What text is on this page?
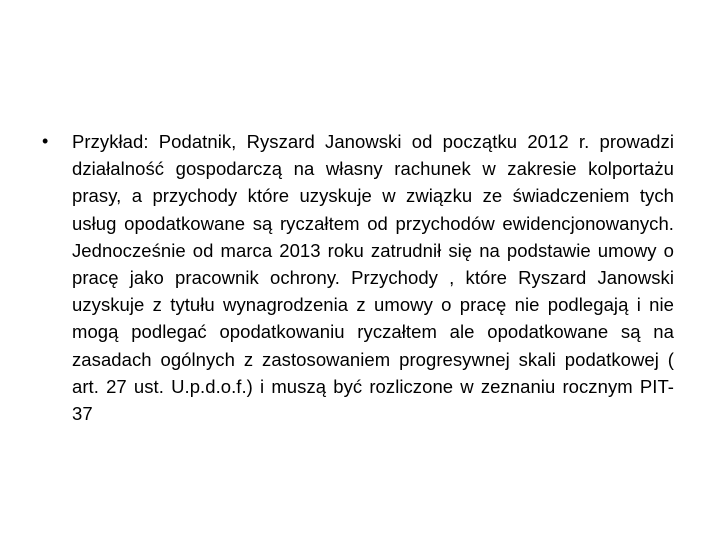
• Przykład: Podatnik, Ryszard Janowski od początku 2012 r. prowadzi działalność gospodarczą na własny rachunek w zakresie kolportażu prasy, a przychody które uzyskuje w związku ze świadczeniem tych usług opodatkowane są ryczałtem od przychodów ewidencjonowanych. Jednocześnie od marca 2013 roku zatrudnił się na podstawie umowy o pracę jako pracownik ochrony. Przychody , które Ryszard Janowski uzyskuje z tytułu wynagrodzenia z umowy o pracę nie podlegają i nie mogą podlegać opodatkowaniu ryczałtem ale opodatkowane są na zasadach ogólnych z zastosowaniem progresywnej skali podatkowej ( art. 27 ust. U.p.d.o.f.) i muszą być rozliczone w zeznaniu rocznym PIT-37
